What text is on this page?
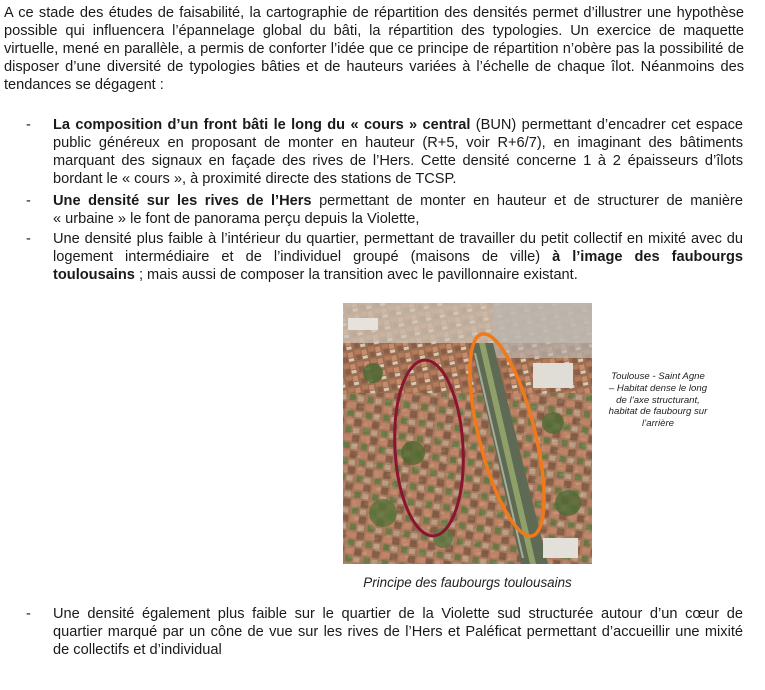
A ce stade des études de faisabilité, la cartographie de répartition des densités permet d’illustrer une hypothèse
possible qui influencera l’épannelage global du bâti, la répartition des typologies. Un exercice de maquette
virtuelle, mené en parallèle, a permis de conforter l’idée que ce principe de répartition n’obère pas la possibilité de
disposer d’une diversité de typologies bâties et de hauteurs variées à l’échelle de chaque îlot. Néanmoins des
tendances se dégagent :

- La composition d’un front bâti le long du « cours » central (BUN) permettant d’encadrer cet espace
public généreux en proposant de monter en hauteur (R+5, voir R+6/7), en imaginant des bâtiments
marquant des signaux en façade des rives de l’Hers. Cette densité concerne 1 à 2 épaisseurs d’îlots
bordant le « cours », à proximité directe des stations de TCSP.
- Une densité sur les rives de l’Hers permettant de monter en hauteur et de structurer de manière
« urbaine » le font de panorama perçu depuis la Violette,
- Une densité plus faible à l’intérieur du quartier, permettant de travailler du petit collectif en mixité avec du
logement intermédiaire et de l’individuel groupé (maisons de ville) à l’image des faubourgs
toulousains ; mais aussi de composer la transition avec le pavillonnaire existant.
Toulouse - Saint Agne
– Habitat dense le long
de l’axe structurant,
habitat de faubourg sur
l’arrière
Principe des faubourgs toulousains
- Une densité également plus faible sur le quartier de la Violette sud structurée autour d’un cœur de
quartier marqué par un cône de vue sur les rives de l’Hers et Paléficat permettant d’accueillir une mixité
de collectifs et d’individual
